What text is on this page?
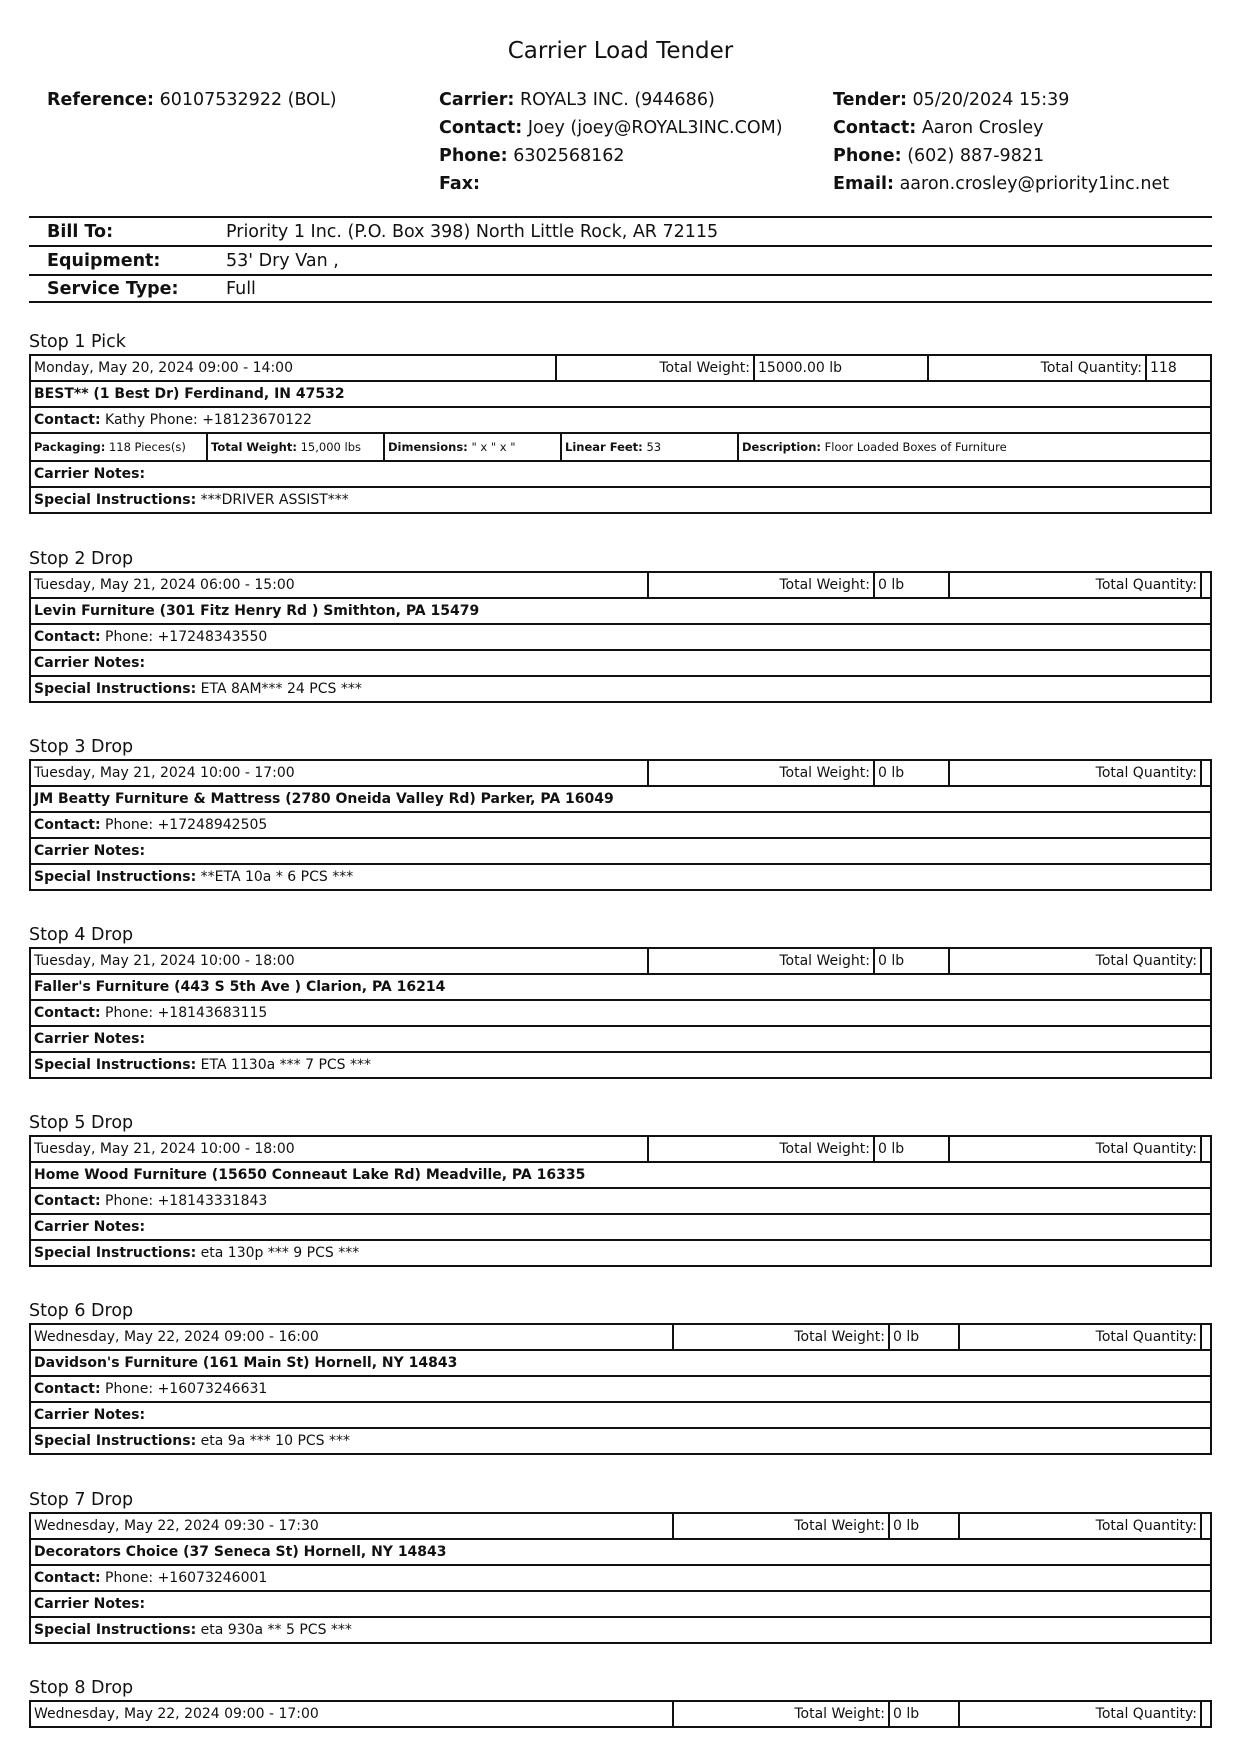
Carrier Load Tender
Reference: 60107532922 (BOL)	Carrier: ROYAL3 INC. (944686)
Contact: Joey (joey@ROYAL3INC.COM)
Phone: 6302568162
Fax:
Tender: 05/20/2024 15:39
Contact: Aaron Crosley
Phone: (602) 887-9821
Email: aaron.crosley@priority1inc.net
Bill To:	Priority 1 Inc. (P.O. Box 398) North Little Rock, AR 72115
Equipment:	53' Dry Van ,
Service Type:	Full
Stop 1 Pick
Monday, May 20, 2024 09:00 - 14:00	Total Weight: 15000.00 lb	Total Quantity: 118
BEST** (1 Best Dr) Ferdinand, IN 47532
Contact: Kathy Phone: +18123670122
Packaging: 118 Pieces(s)	Total Weight: 15,000 lbs	Dimensions: " x " x "	Linear Feet: 53	Description: Floor Loaded Boxes of Furniture
Carrier Notes:
Special Instructions: ***DRIVER ASSIST***
Stop 2 Drop
Tuesday, May 21, 2024 06:00 - 15:00	Total Weight: 0 lb	Total Quantity:
Levin Furniture (301 Fitz Henry Rd ) Smithton, PA 15479
Contact: Phone: +17248343550
Carrier Notes:
Special Instructions: ETA 8AM*** 24 PCS ***
Stop 3 Drop
Tuesday, May 21, 2024 10:00 - 17:00	Total Weight: 0 lb	Total Quantity:
JM Beatty Furniture & Mattress (2780 Oneida Valley Rd) Parker, PA 16049
Contact: Phone: +17248942505
Carrier Notes:
Special Instructions: **ETA 10a * 6 PCS ***
Stop 4 Drop
Tuesday, May 21, 2024 10:00 - 18:00	Total Weight: 0 lb	Total Quantity:
Faller's Furniture (443 S 5th Ave ) Clarion, PA 16214
Contact: Phone: +18143683115
Carrier Notes:
Special Instructions: ETA 1130a *** 7 PCS ***
Stop 5 Drop
Tuesday, May 21, 2024 10:00 - 18:00	Total Weight: 0 lb	Total Quantity:
Home Wood Furniture (15650 Conneaut Lake Rd) Meadville, PA 16335
Contact: Phone: +18143331843
Carrier Notes:
Special Instructions: eta 130p *** 9 PCS ***
Stop 6 Drop
Wednesday, May 22, 2024 09:00 - 16:00	Total Weight: 0 lb	Total Quantity:
Davidson's Furniture (161 Main St) Hornell, NY 14843
Contact: Phone: +16073246631
Carrier Notes:
Special Instructions: eta 9a *** 10 PCS ***
Stop 7 Drop
Wednesday, May 22, 2024 09:30 - 17:30	Total Weight: 0 lb	Total Quantity:
Decorators Choice (37 Seneca St) Hornell, NY 14843
Contact: Phone: +16073246001
Carrier Notes:
Special Instructions: eta 930a ** 5 PCS ***
Stop 8 Drop
Wednesday, May 22, 2024 09:00 - 17:00	Total Weight: 0 lb	Total Quantity:
